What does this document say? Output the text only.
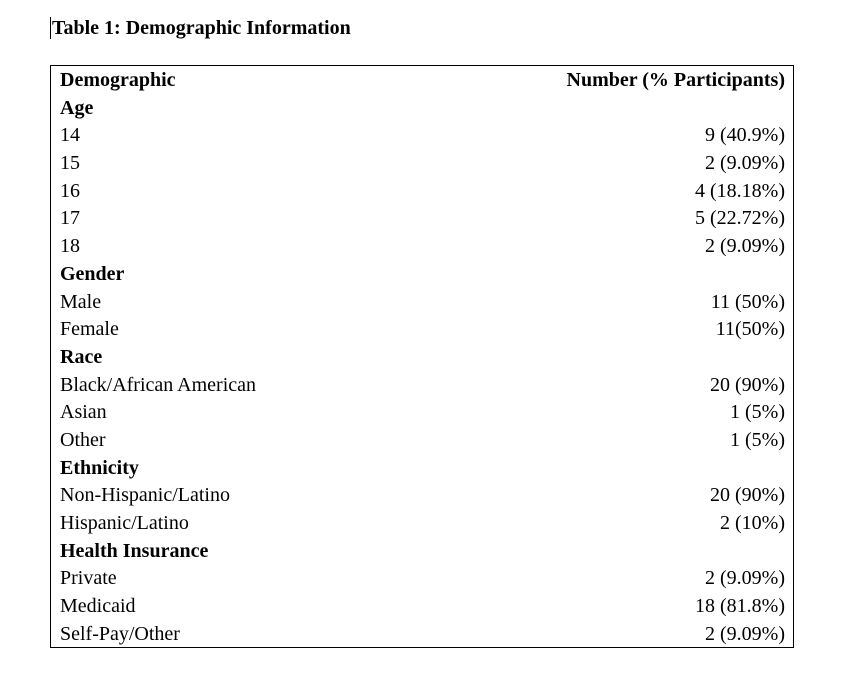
Table 1: Demographic Information
Demographic	Number (% Participants)
Age
14	9 (40.9%)
15	2 (9.09%)
16	4 (18.18%)
17	5 (22.72%)
18	2 (9.09%)
Gender
Male	11 (50%)
Female	11(50%)
Race
Black/African American	20 (90%)
Asian	1 (5%)
Other	1 (5%)
Ethnicity
Non-Hispanic/Latino	20 (90%)
Hispanic/Latino	2 (10%)
Health Insurance
Private	2 (9.09%)
Medicaid	18 (81.8%)
Self-Pay/Other	2 (9.09%)
